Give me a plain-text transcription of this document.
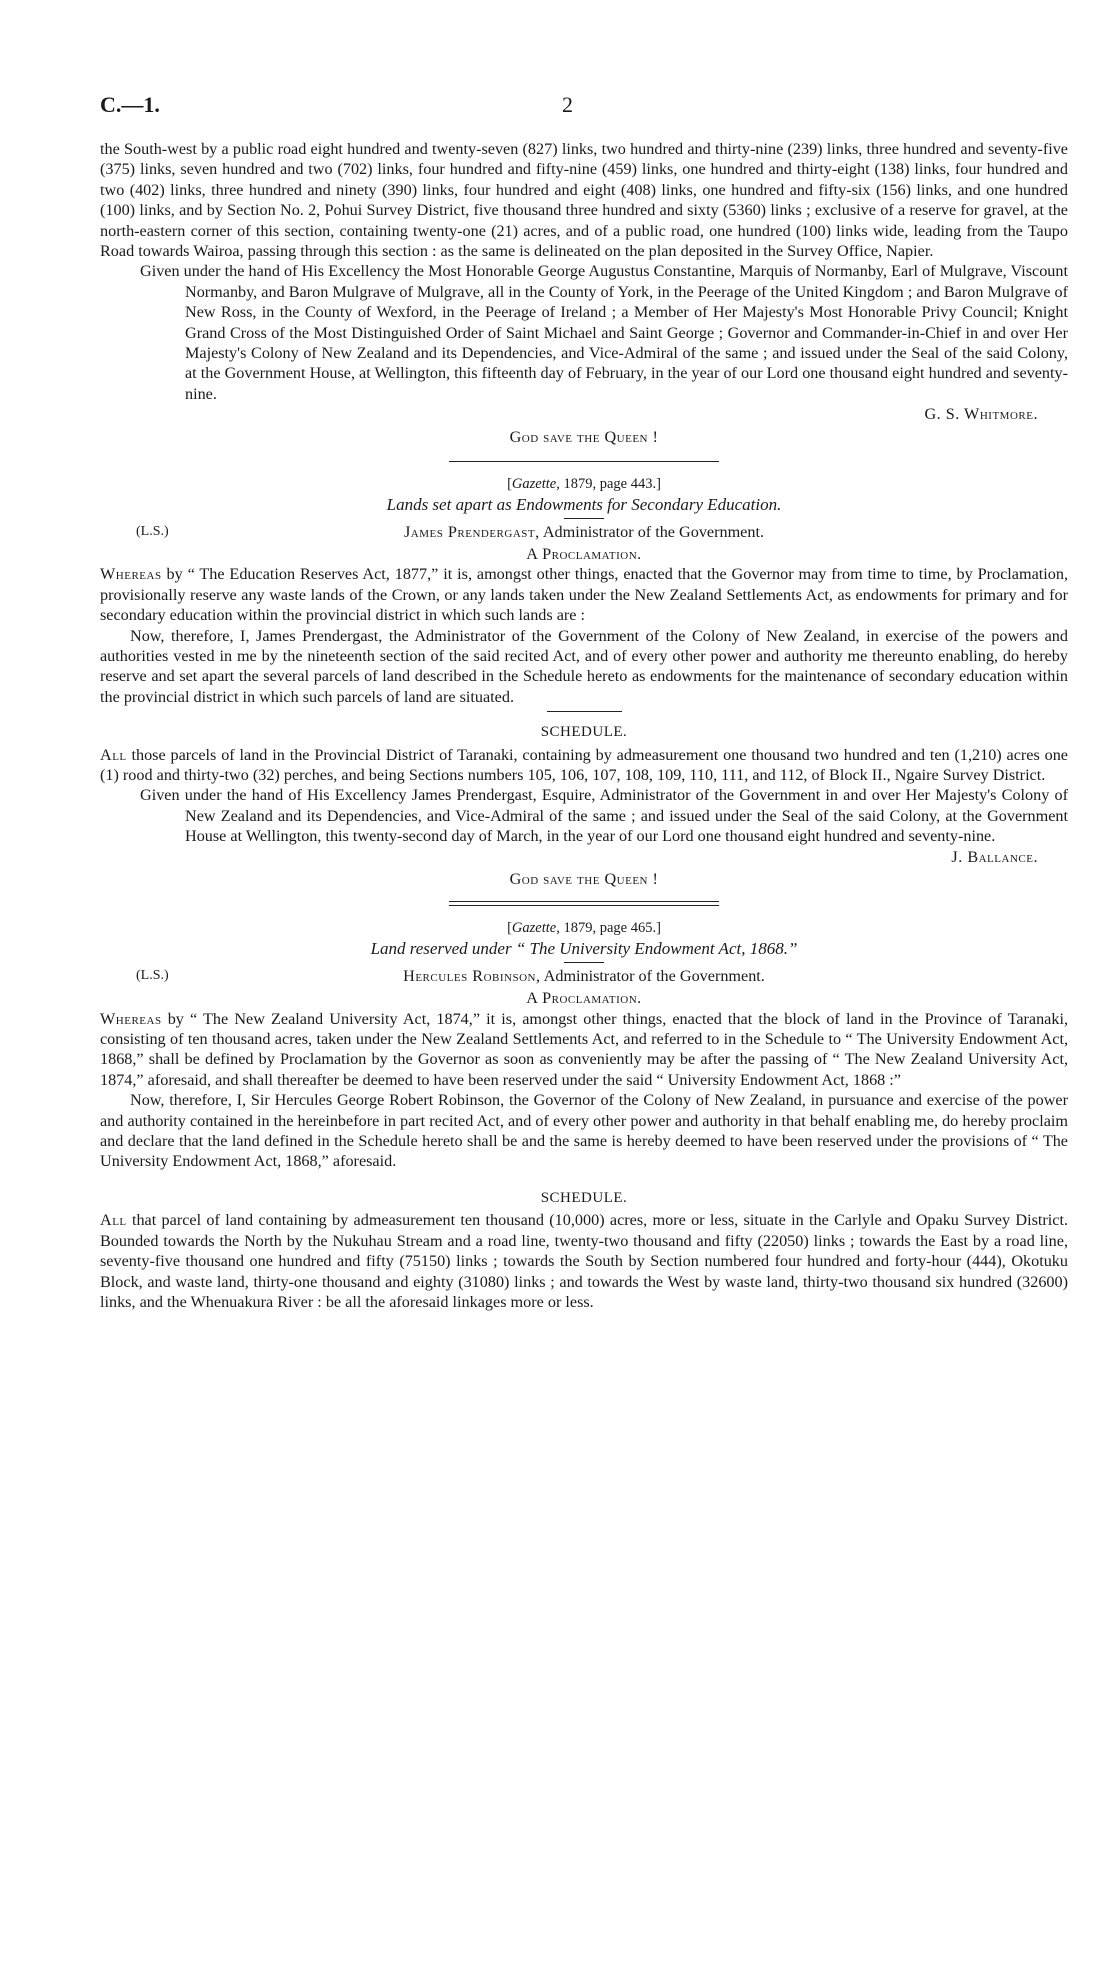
C.—1.	2

the South-west by a public road eight hundred and twenty-seven (827) links, two hundred and thirty-nine (239) links, three hundred and seventy-five (375) links, seven hundred and two (702) links, four hundred and fifty-nine (459) links, one hundred and thirty-eight (138) links, four hundred and two (402) links, three hundred and ninety (390) links, four hundred and eight (408) links, one hundred and fifty-six (156) links, and one hundred (100) links, and by Section No. 2, Pohui Survey District, five thousand three hundred and sixty (5360) links ; exclusive of a reserve for gravel, at the north-eastern corner of this section, containing twenty-one (21) acres, and of a public road, one hundred (100) links wide, leading from the Taupo Road towards Wairoa, passing through this section : as the same is delineated on the plan deposited in the Survey Office, Napier.

Given under the hand of His Excellency the Most Honorable George Augustus Constantine, Marquis of Normanby, Earl of Mulgrave, Viscount Normanby, and Baron Mulgrave of Mulgrave, all in the County of York, in the Peerage of the United Kingdom ; and Baron Mulgrave of New Ross, in the County of Wexford, in the Peerage of Ireland ; a Member of Her Majesty's Most Honorable Privy Council; Knight Grand Cross of the Most Distinguished Order of Saint Michael and Saint George ; Governor and Commander-in-Chief in and over Her Majesty's Colony of New Zealand and its Dependencies, and Vice-Admiral of the same ; and issued under the Seal of the said Colony, at the Government House, at Wellington, this fifteenth day of February, in the year of our Lord one thousand eight hundred and seventy-nine.

G. S. Whitmore.
God save the Queen !
[Gazette, 1879, page 443.]
Lands set apart as Endowments for Secondary Education.
(L.S.)	James Prendergast, Administrator of the Government.
A Proclamation.

Whereas by “ The Education Reserves Act, 1877,” it is, amongst other things, enacted that the Governor may from time to time, by Proclamation, provisionally reserve any waste lands of the Crown, or any lands taken under the New Zealand Settlements Act, as endowments for primary and for secondary education within the provincial district in which such lands are :

Now, therefore, I, James Prendergast, the Administrator of the Government of the Colony of New Zealand, in exercise of the powers and authorities vested in me by the nineteenth section of the said recited Act, and of every other power and authority me thereunto enabling, do hereby reserve and set apart the several parcels of land described in the Schedule hereto as endowments for the maintenance of secondary education within the provincial district in which such parcels of land are situated.

SCHEDULE.

All those parcels of land in the Provincial District of Taranaki, containing by admeasurement one thousand two hundred and ten (1,210) acres one (1) rood and thirty-two (32) perches, and being Sections numbers 105, 106, 107, 108, 109, 110, 111, and 112, of Block II., Ngaire Survey District.

Given under the hand of His Excellency James Prendergast, Esquire, Administrator of the Government in and over Her Majesty's Colony of New Zealand and its Dependencies, and Vice-Admiral of the same ; and issued under the Seal of the said Colony, at the Government House at Wellington, this twenty-second day of March, in the year of our Lord one thousand eight hundred and seventy-nine.

J. Ballance.
God save the Queen !
[Gazette, 1879, page 465.]
Land reserved under “ The University Endowment Act, 1868.”
(L.S.)	Hercules Robinson, Administrator of the Government.
A Proclamation.

Whereas by “ The New Zealand University Act, 1874,” it is, amongst other things, enacted that the block of land in the Province of Taranaki, consisting of ten thousand acres, taken under the New Zealand Settlements Act, and referred to in the Schedule to “ The University Endowment Act, 1868,” shall be defined by Proclamation by the Governor as soon as conveniently may be after the passing of “ The New Zealand University Act, 1874,” aforesaid, and shall thereafter be deemed to have been reserved under the said “ University Endowment Act, 1868 :”

Now, therefore, I, Sir Hercules George Robert Robinson, the Governor of the Colony of New Zealand, in pursuance and exercise of the power and authority contained in the hereinbefore in part recited Act, and of every other power and authority in that behalf enabling me, do hereby proclaim and declare that the land defined in the Schedule hereto shall be and the same is hereby deemed to have been reserved under the provisions of “ The University Endowment Act, 1868,” aforesaid.

SCHEDULE.

All that parcel of land containing by admeasurement ten thousand (10,000) acres, more or less, situate in the Carlyle and Opaku Survey District. Bounded towards the North by the Nukuhau Stream and a road line, twenty-two thousand and fifty (22050) links ; towards the East by a road line, seventy-five thousand one hundred and fifty (75150) links ; towards the South by Section numbered four hundred and forty-hour (444), Okotuku Block, and waste land, thirty-one thousand and eighty (31080) links ; and towards the West by waste land, thirty-two thousand six hundred (32600) links, and the Whenuakura River : be all the aforesaid linkages more or less.
